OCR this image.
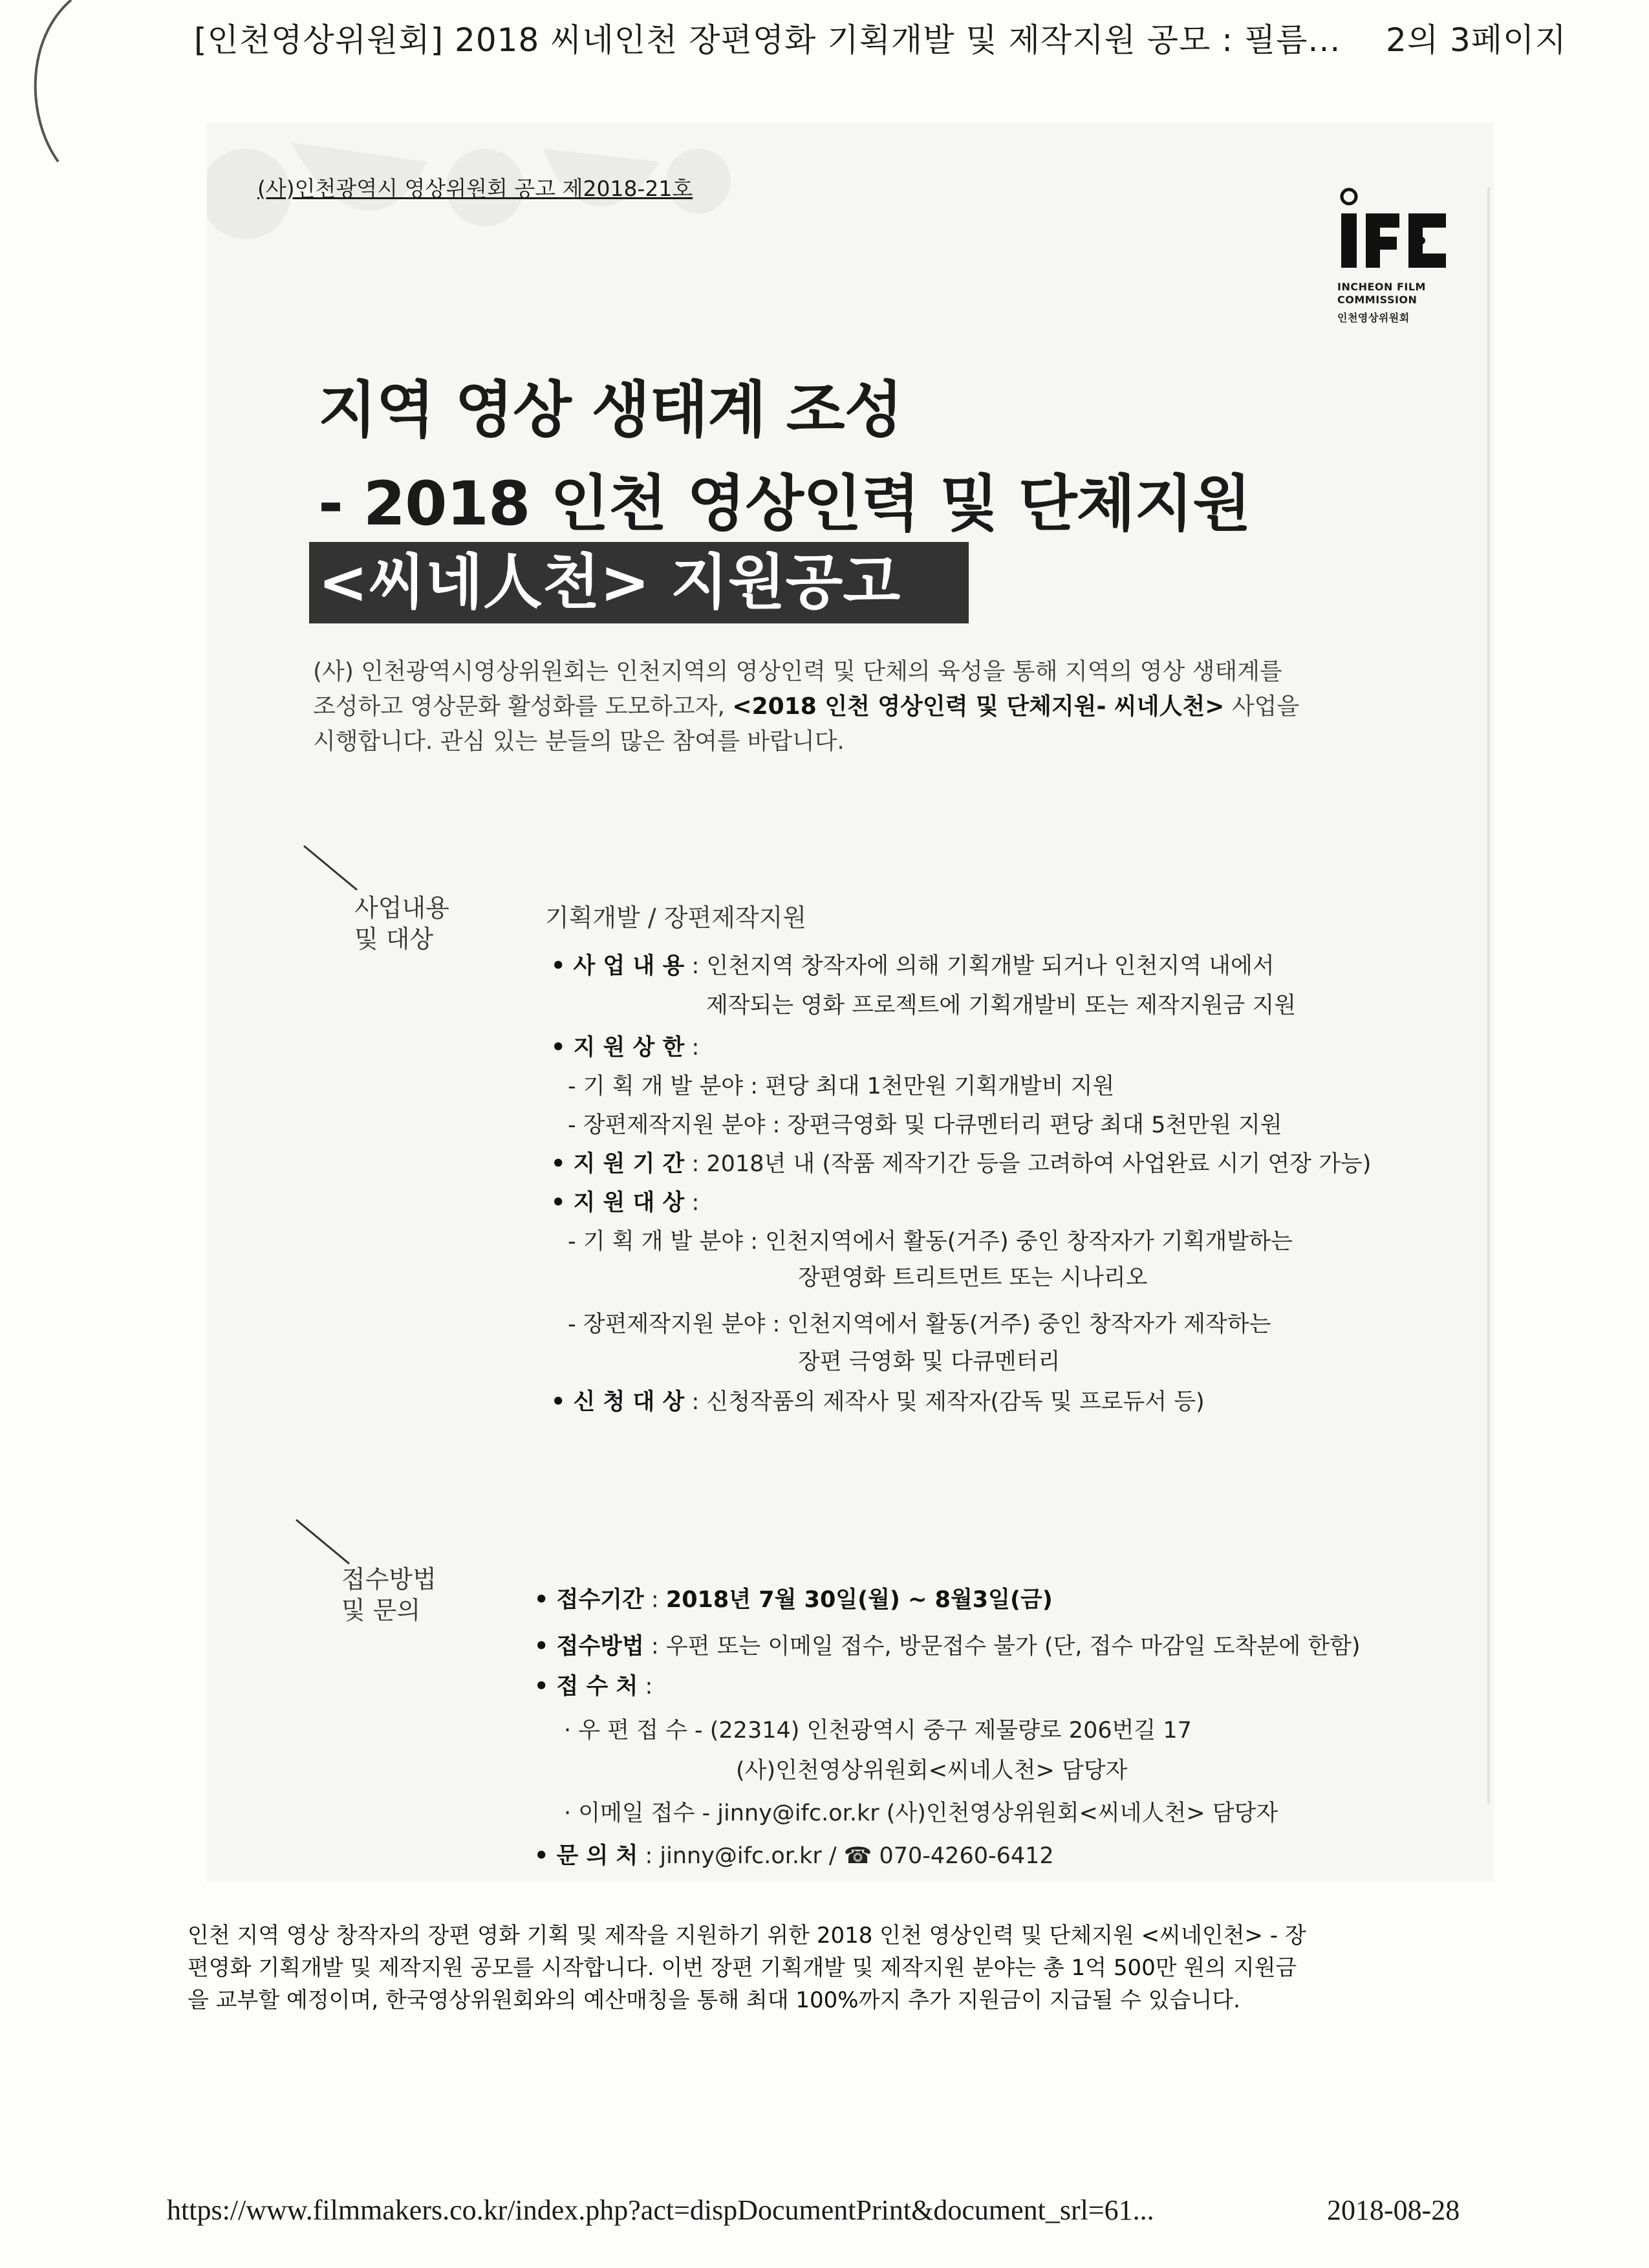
[인천영상위원회] 2018 씨네인천 장편영화 기획개발 및 제작지원 공모 : 필름... 2의 3페이지
(사)인천광역시 영상위원회 공고 제2018-21호
INCHEON FILM
COMMISSION
인천영상위원회
지역 영상 생태계 조성
- 2018 인천 영상인력 및 단체지원
<씨네人천> 지원공고

(사) 인천광역시영상위원회는 인천지역의 영상인력 및 단체의 육성을 통해 지역의 영상 생태계를

조성하고 영상문화 활성화를 도모하고자, <2018 인천 영상인력 및 단체지원- 씨네人천> 사업을

시행합니다. 관심 있는 분들의 많은 참여를 바랍니다.

사업내용
및 대상
기획개발 / 장편제작지원
• 사 업 내 용 : 인천지역 창작자에 의해 기획개발 되거나 인천지역 내에서
제작되는 영화 프로젝트에 기획개발비 또는 제작지원금 지원
• 지 원 상 한 :
- 기 획 개 발 분야 : 편당 최대 1천만원 기획개발비 지원
- 장편제작지원 분야 : 장편극영화 및 다큐멘터리 편당 최대 5천만원 지원
• 지 원 기 간 : 2018년 내 (작품 제작기간 등을 고려하여 사업완료 시기 연장 가능)
• 지 원 대 상 :
- 기 획 개 발 분야 : 인천지역에서 활동(거주) 중인 창작자가 기획개발하는
장편영화 트리트먼트 또는 시나리오
- 장편제작지원 분야 : 인천지역에서 활동(거주) 중인 창작자가 제작하는
장편 극영화 및 다큐멘터리
• 신 청 대 상 : 신청작품의 제작사 및 제작자(감독 및 프로듀서 등)
접수방법
및 문의	• 접수기간 : 2018년 7월 30일(월) ~ 8월3일(금)
• 접수방법 : 우편 또는 이메일 접수, 방문접수 불가 (단, 접수 마감일 도착분에 한함)
• 접 수 처 :
· 우 편 접 수 - (22314) 인천광역시 중구 제물량로 206번길 17
(사)인천영상위원회<씨네人천> 담당자
· 이메일 접수 - jinny@ifc.or.kr (사)인천영상위원회<씨네人천> 담당자
• 문 의 처 : jinny@ifc.or.kr / ☎ 070-4260-6412

인천 지역 영상 창작자의 장편 영화 기획 및 제작을 지원하기 위한 2018 인천 영상인력 및 단체지원 <씨네인천> - 장

편영화 기획개발 및 제작지원 공모를 시작합니다. 이번 장편 기획개발 및 제작지원 분야는 총 1억 500만 원의 지원금

을 교부할 예정이며, 한국영상위원회와의 예산매칭을 통해 최대 100%까지 추가 지원금이 지급될 수 있습니다.

https://www.filmmakers.co.kr/index.php?act=dispDocumentPrint&document_srl=61...	2018-08-28
